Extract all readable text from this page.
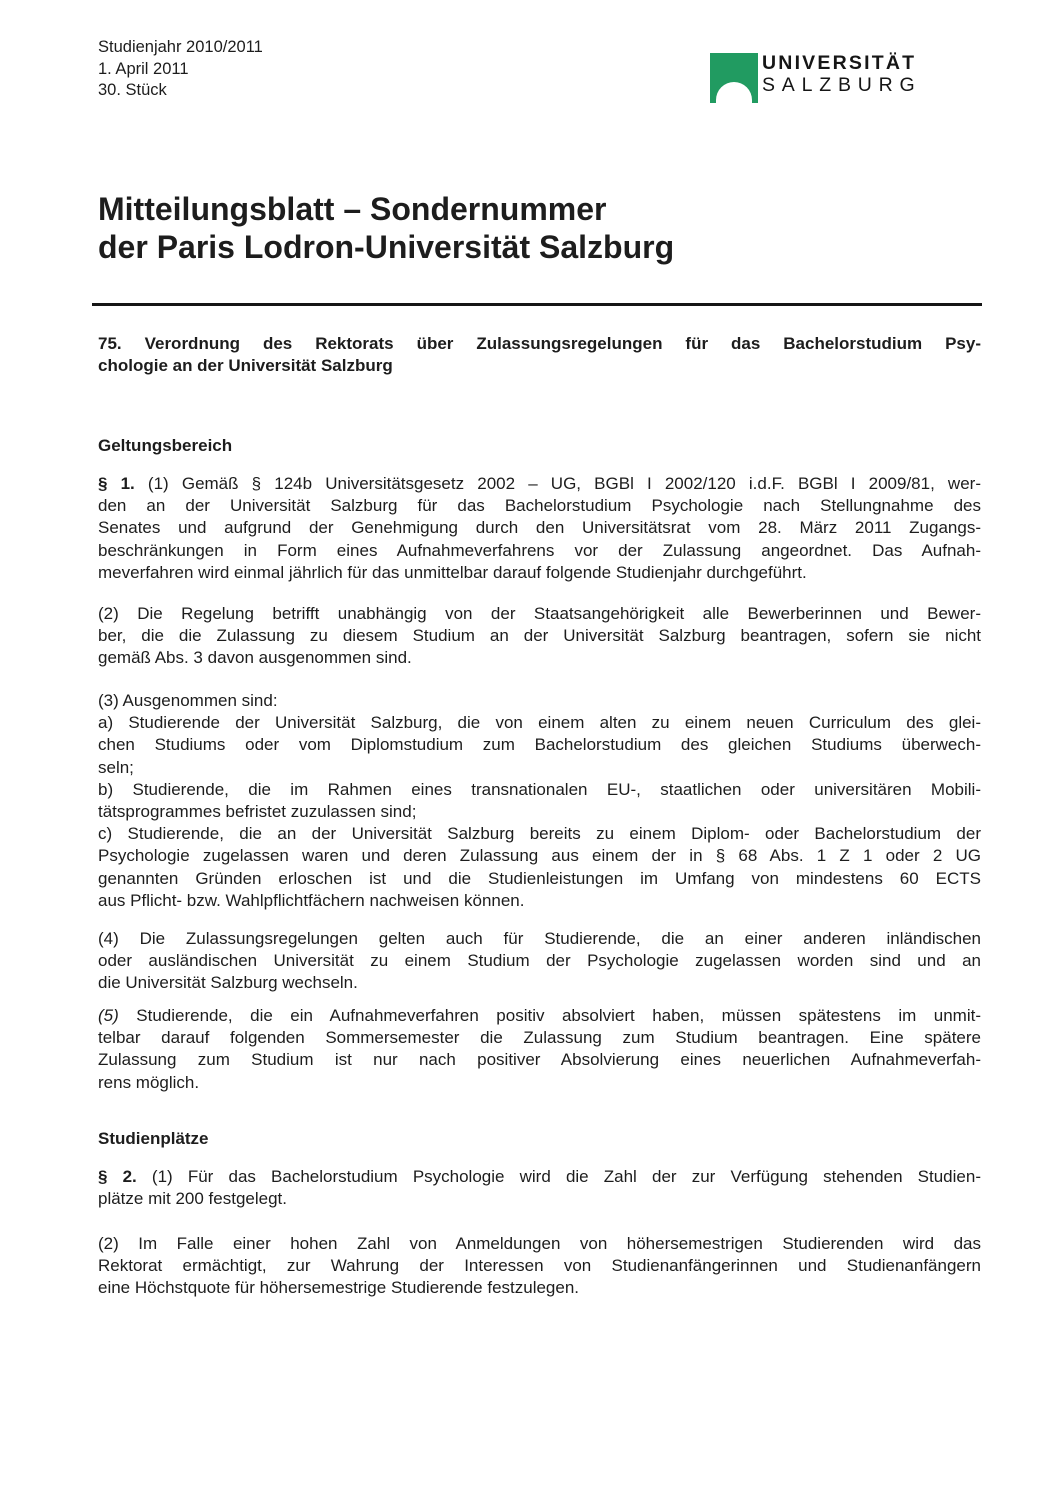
Studienjahr 2010/2011
1. April 2011
30. Stück
UNIVERSITÄT
SALZBURG
Mitteilungsblatt – Sondernummer
der Paris Lodron-Universität Salzburg
75. Verordnung des Rektorats über Zulassungsregelungen für das Bachelorstudium Psy-
chologie an der Universität Salzburg
Geltungsbereich
§ 1. (1) Gemäß § 124b Universitätsgesetz 2002 – UG, BGBl I 2002/120 i.d.F. BGBl I 2009/81, wer-
den an der Universität Salzburg für das Bachelorstudium Psychologie nach Stellungnahme des
Senates und aufgrund der Genehmigung durch den Universitätsrat vom 28. März 2011 Zugangs-
beschränkungen in Form eines Aufnahmeverfahrens vor der Zulassung angeordnet. Das Aufnah-
meverfahren wird einmal jährlich für das unmittelbar darauf folgende Studienjahr durchgeführt.
(2) Die Regelung betrifft unabhängig von der Staatsangehörigkeit alle Bewerberinnen und Bewer-
ber, die die Zulassung zu diesem Studium an der Universität Salzburg beantragen, sofern sie nicht
gemäß Abs. 3 davon ausgenommen sind.
(3) Ausgenommen sind:
a) Studierende der Universität Salzburg, die von einem alten zu einem neuen Curriculum des glei-
chen Studiums oder vom Diplomstudium zum Bachelorstudium des gleichen Studiums überwech-
seln;
b) Studierende, die im Rahmen eines transnationalen EU-, staatlichen oder universitären Mobili-
tätsprogrammes befristet zuzulassen sind;
c) Studierende, die an der Universität Salzburg bereits zu einem Diplom- oder Bachelorstudium der
Psychologie zugelassen waren und deren Zulassung aus einem der in § 68 Abs. 1 Z 1 oder 2 UG
genannten Gründen erloschen ist und die Studienleistungen im Umfang von mindestens 60 ECTS
aus Pflicht- bzw. Wahlpflichtfächern nachweisen können.
(4) Die Zulassungsregelungen gelten auch für Studierende, die an einer anderen inländischen
oder ausländischen Universität zu einem Studium der Psychologie zugelassen worden sind und an
die Universität Salzburg wechseln.
(5) Studierende, die ein Aufnahmeverfahren positiv absolviert haben, müssen spätestens im unmit-
telbar darauf folgenden Sommersemester die Zulassung zum Studium beantragen. Eine spätere
Zulassung zum Studium ist nur nach positiver Absolvierung eines neuerlichen Aufnahmeverfah-
rens möglich.
Studienplätze
§ 2. (1) Für das Bachelorstudium Psychologie wird die Zahl der zur Verfügung stehenden Studien-
plätze mit 200 festgelegt.
(2) Im Falle einer hohen Zahl von Anmeldungen von höhersemestrigen Studierenden wird das
Rektorat ermächtigt, zur Wahrung der Interessen von Studienanfängerinnen und Studienanfängern
eine Höchstquote für höhersemestrige Studierende festzulegen.
